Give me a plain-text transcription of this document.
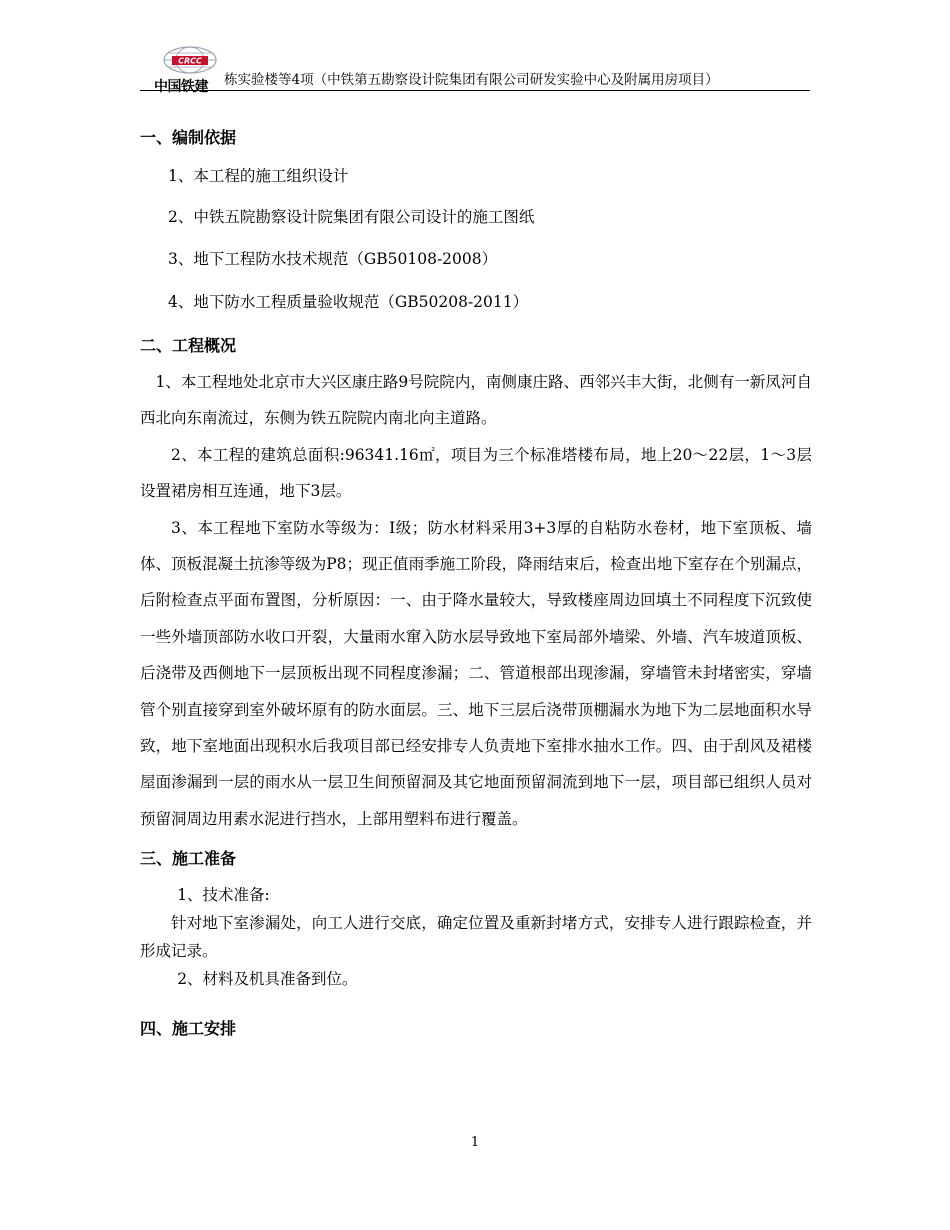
CRCC
中国铁建 栋实验楼等4项（中铁第五勘察设计院集团有限公司研发实验中心及附属用房项目）
一、编制依据
1、本工程的施工组织设计
2、中铁五院勘察设计院集团有限公司设计的施工图纸
3、地下工程防水技术规范（GB50108-2008）
4、地下防水工程质量验收规范（GB50208-2011）
二、工程概况

1、本工程地处北京市大兴区康庄路9号院院内，南侧康庄路、西邻兴丰大街，北侧有一新凤河自西北向东南流过，东侧为铁五院院内南北向主道路。

2、本工程的建筑总面积:96341.16㎡，项目为三个标准塔楼布局，地上20～22层，1～3层设置裙房相互连通，地下3层。

3、本工程地下室防水等级为：Ⅰ级；防水材料采用3+3厚的自粘防水卷材，地下室顶板、墙体、顶板混凝土抗渗等级为P8；现正值雨季施工阶段，降雨结束后，检查出地下室存在个别漏点，后附检查点平面布置图，分析原因：一、由于降水量较大，导致楼座周边回填土不同程度下沉致使一些外墙顶部防水收口开裂，大量雨水窜入防水层导致地下室局部外墙梁、外墙、汽车坡道顶板、后浇带及西侧地下一层顶板出现不同程度渗漏；二、管道根部出现渗漏，穿墙管未封堵密实，穿墙管个别直接穿到室外破坏原有的防水面层。三、地下三层后浇带顶棚漏水为地下为二层地面积水导致，地下室地面出现积水后我项目部已经安排专人负责地下室排水抽水工作。四、由于刮风及裙楼屋面渗漏到一层的雨水从一层卫生间预留洞及其它地面预留洞流到地下一层，项目部已组织人员对预留洞周边用素水泥进行挡水，上部用塑料布进行覆盖。

三、施工准备

1、技术准备:

针对地下室渗漏处，向工人进行交底，确定位置及重新封堵方式，安排专人进行跟踪检查，并形成记录。

2、材料及机具准备到位。

四、施工安排
1
